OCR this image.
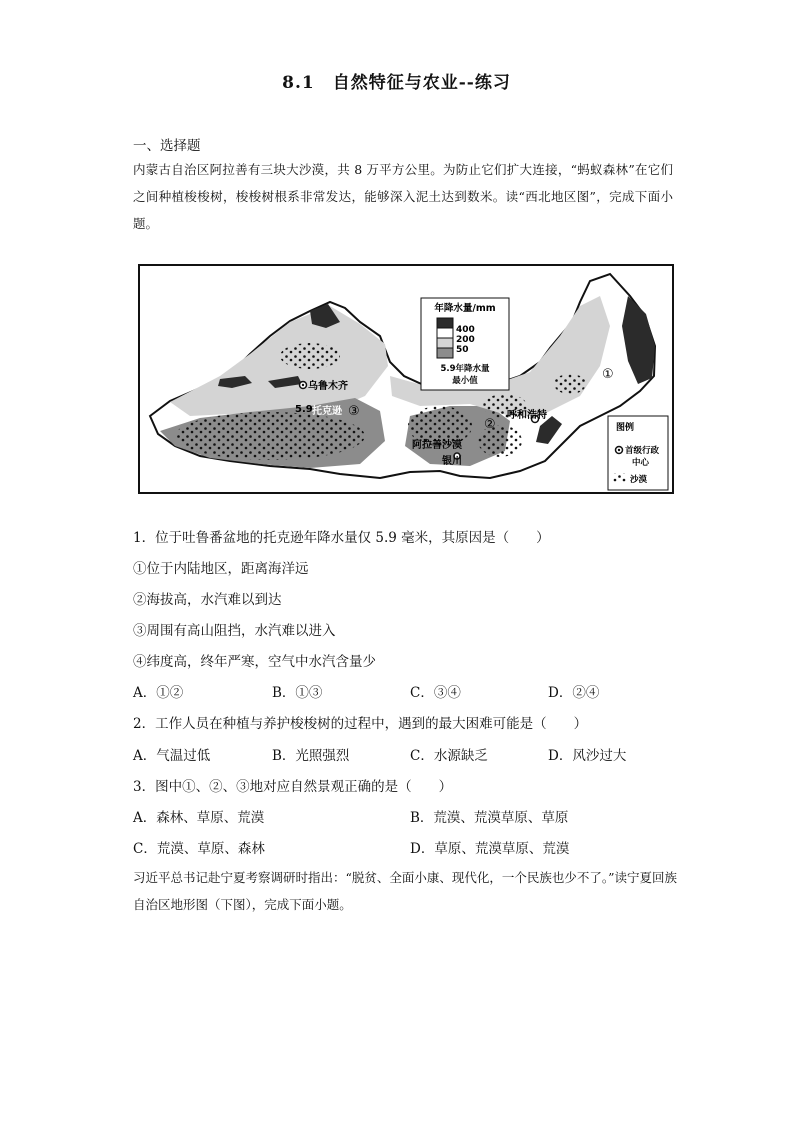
8.1　自然特征与农业--练习
一、选择题
内蒙古自治区阿拉善有三块大沙漠，共 8 万平方公里。为防止它们扩大连接，“蚂蚁森林”在它们之间种植梭梭树，梭梭树根系非常发达，能够深入泥土达到数米。读“西北地区图”，完成下面小题。
年降水量/mm
400
200
50
5.9年降水量
最小值
乌鲁木齐
5.9 托克逊 ③
②
①
呼和浩特
阿拉善沙漠
银川
图例
首级行政
中心
沙漠
1．位于吐鲁番盆地的托克逊年降水量仅 5.9 毫米，其原因是（　　）
①位于内陆地区，距离海洋远
②海拔高，水汽难以到达
③周围有高山阻挡，水汽难以进入
④纬度高，终年严寒，空气中水汽含量少
A．①②	B．①③	C．③④	D．②④
2．工作人员在种植与养护梭梭树的过程中，遇到的最大困难可能是（　　）
A．气温过低	B．光照强烈	C．水源缺乏	D．风沙过大
3．图中①、②、③地对应自然景观正确的是（　　）
A．森林、草原、荒漠	B．荒漠、荒漠草原、草原
C．荒漠、草原、森林	D．草原、荒漠草原、荒漠
习近平总书记赴宁夏考察调研时指出：“脱贫、全面小康、现代化，一个民族也少不了。”读宁夏回族自治区地形图（下图），完成下面小题。
